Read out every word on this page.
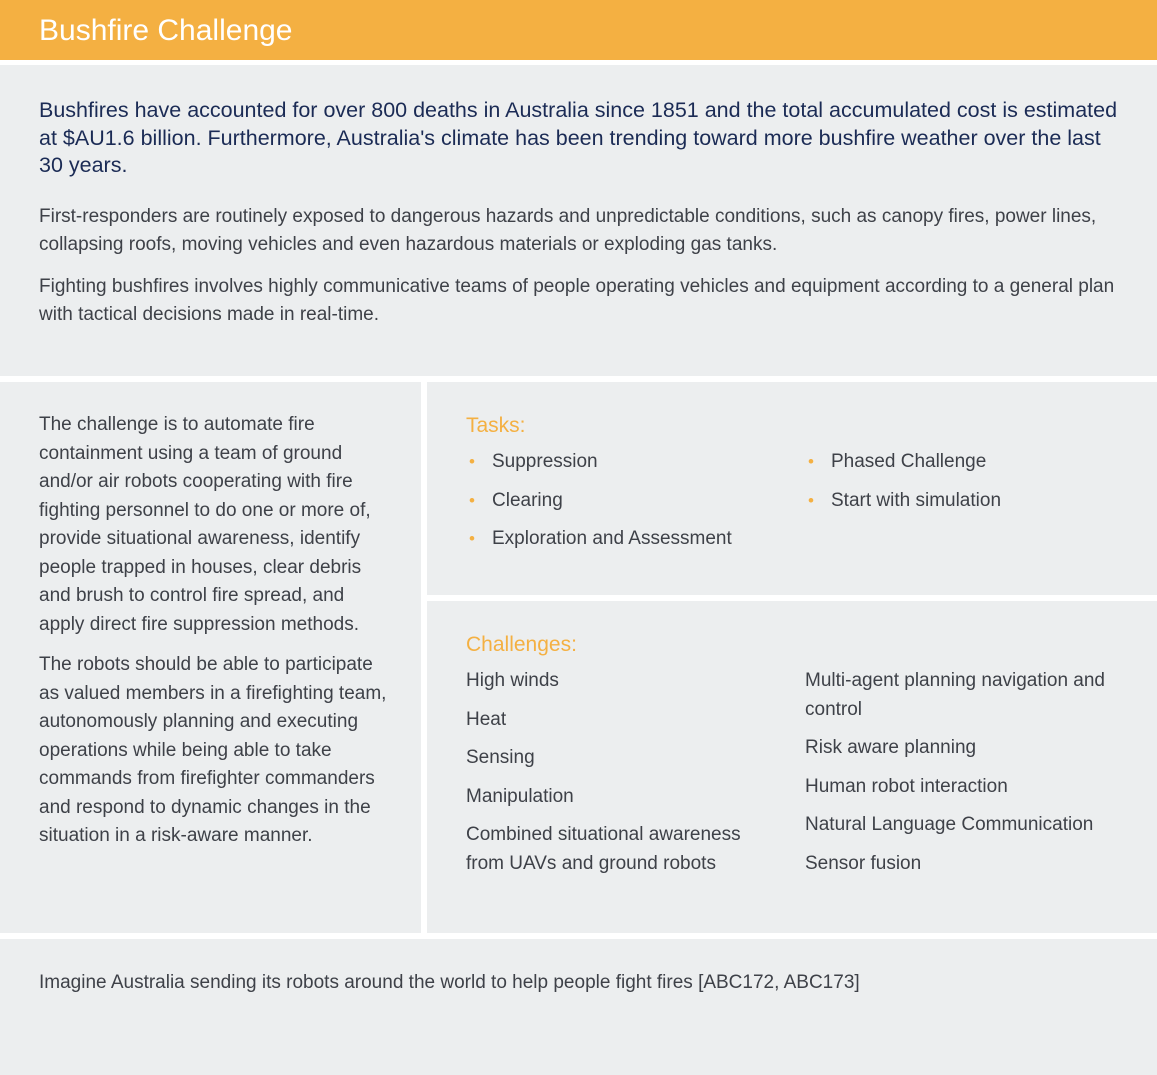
Bushfire Challenge

Bushfires have accounted for over 800 deaths in Australia since 1851 and the total accumulated cost is estimated at $AU1.6 billion. Furthermore, Australia's climate has been trending toward more bushfire weather over the last 30 years.

First-responders are routinely exposed to dangerous hazards and unpredictable conditions, such as canopy fires, power lines, collapsing roofs, moving vehicles and even hazardous materials or exploding gas tanks.

Fighting bushfires involves highly communicative teams of people operating vehicles and equipment according to a general plan with tactical decisions made in real-time.

The challenge is to automate fire containment using a team of ground and/or air robots cooperating with fire fighting personnel to do one or more of, provide situational awareness, identify people trapped in houses, clear debris and brush to control fire spread, and apply direct fire suppression methods.

The robots should be able to participate as valued members in a firefighting team, autonomously planning and executing operations while being able to take commands from firefighter commanders and respond to dynamic changes in the situation in a risk-aware manner.

Tasks:
• Suppression
• Clearing
• Exploration and Assessment
• Phased Challenge
• Start with simulation
Challenges:
High winds
Heat
Sensing
Manipulation
Combined situational awareness from UAVs and ground robots
Multi-agent planning navigation and control
Risk aware planning
Human robot interaction
Natural Language Communication
Sensor fusion

Imagine Australia sending its robots around the world to help people fight fires [ABC172, ABC173]
